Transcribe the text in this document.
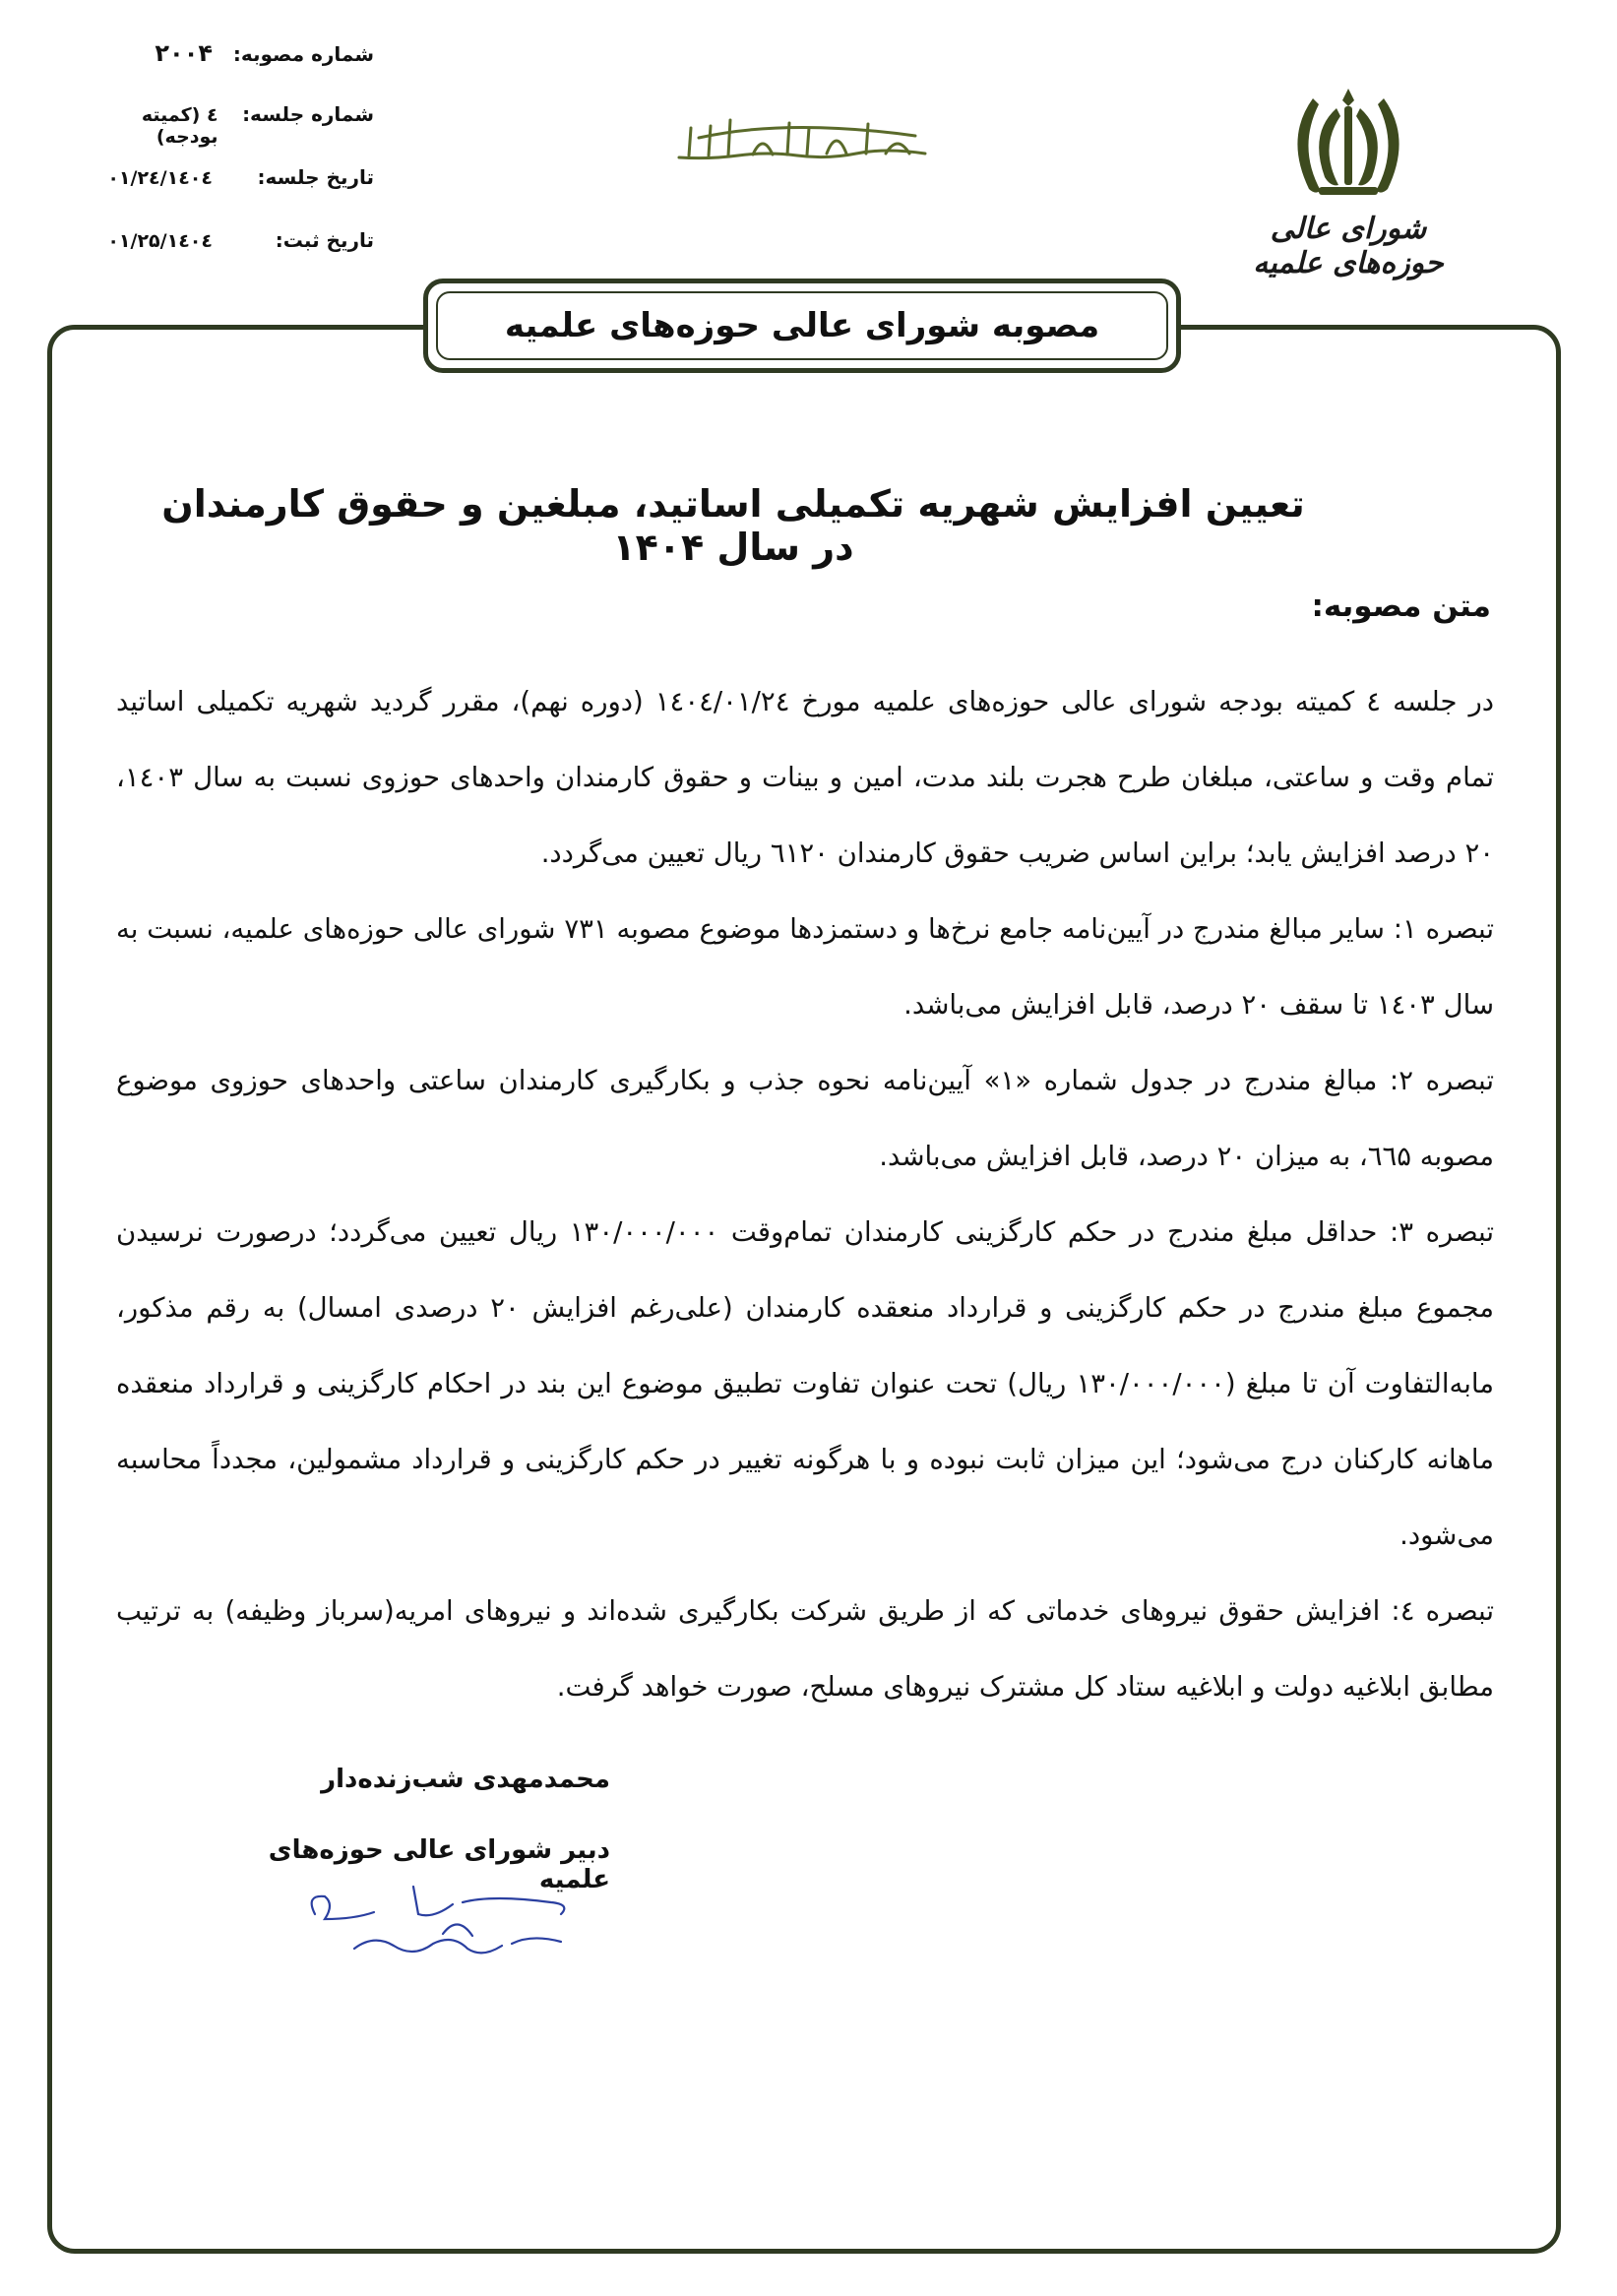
شماره مصوبه:
۲۰۰۴
شماره جلسه:
٤ (کمیته بودجه)
تاریخ جلسه:
۱٤۰٤/۰۱/۲٤
تاریخ ثبت:
۱٤۰٤/۰۱/۲۵	شورای عالی حوزه‌های علمیه
مصوبه شورای عالی حوزه‌های علمیه
تعیین افزایش شهریه تکمیلی اساتید، مبلغین و حقوق کارمندان در سال ۱۴۰۴
متن مصوبه:

در جلسه ٤ کمیته بودجه شورای عالی حوزه‌های علمیه مورخ ۱٤۰٤/۰۱/۲٤ (دوره نهم)، مقرر گردید شهریه تکمیلی اساتید تمام وقت و ساعتی، مبلغان طرح هجرت بلند مدت، امین و بینات و حقوق کارمندان واحدهای حوزوی نسبت به سال ۱٤۰۳، ۲۰ درصد افزایش یابد؛ براین اساس ضریب حقوق کارمندان ٦۱۲۰ ریال تعیین می‌گردد.

تبصره ۱: سایر مبالغ مندرج در آیین‌نامه جامع نرخ‌ها و دستمزدها موضوع مصوبه ۷۳۱ شورای عالی حوزه‌های علمیه، نسبت به سال ۱٤۰۳ تا سقف ۲۰ درصد، قابل افزایش می‌باشد.

تبصره ۲: مبالغ مندرج در جدول شماره «۱» آیین‌نامه نحوه جذب و بکارگیری کارمندان ساعتی واحدهای حوزوی موضوع مصوبه ٦٦۵، به میزان ۲۰ درصد، قابل افزایش می‌باشد.

تبصره ۳: حداقل مبلغ مندرج در حکم کارگزینی کارمندان تمام‌وقت ۱۳۰/۰۰۰/۰۰۰ ریال تعیین می‌گردد؛ درصورت نرسیدن مجموع مبلغ مندرج در حکم کارگزینی و قرارداد منعقده کارمندان (علی‌رغم افزایش ۲۰ درصدی امسال) به رقم مذکور، مابه‌التفاوت آن تا مبلغ (۱۳۰/۰۰۰/۰۰۰ ریال) تحت عنوان تفاوت تطبیق موضوع این بند در احکام کارگزینی و قرارداد منعقده ماهانه کارکنان درج می‌شود؛ این میزان ثابت نبوده و با هرگونه تغییر در حکم کارگزینی و قرارداد مشمولین، مجدداً محاسبه می‌شود.

تبصره ٤: افزایش حقوق نیروهای خدماتی که از طریق شرکت بکارگیری شده‌اند و نیروهای امریه(سرباز وظیفه) به ترتیب مطابق ابلاغیه دولت و ابلاغیه ستاد کل مشترک نیروهای مسلح، صورت خواهد گرفت.

محمدمهدی شب‌زنده‌دار
دبیر شورای عالی حوزه‌های علمیه
